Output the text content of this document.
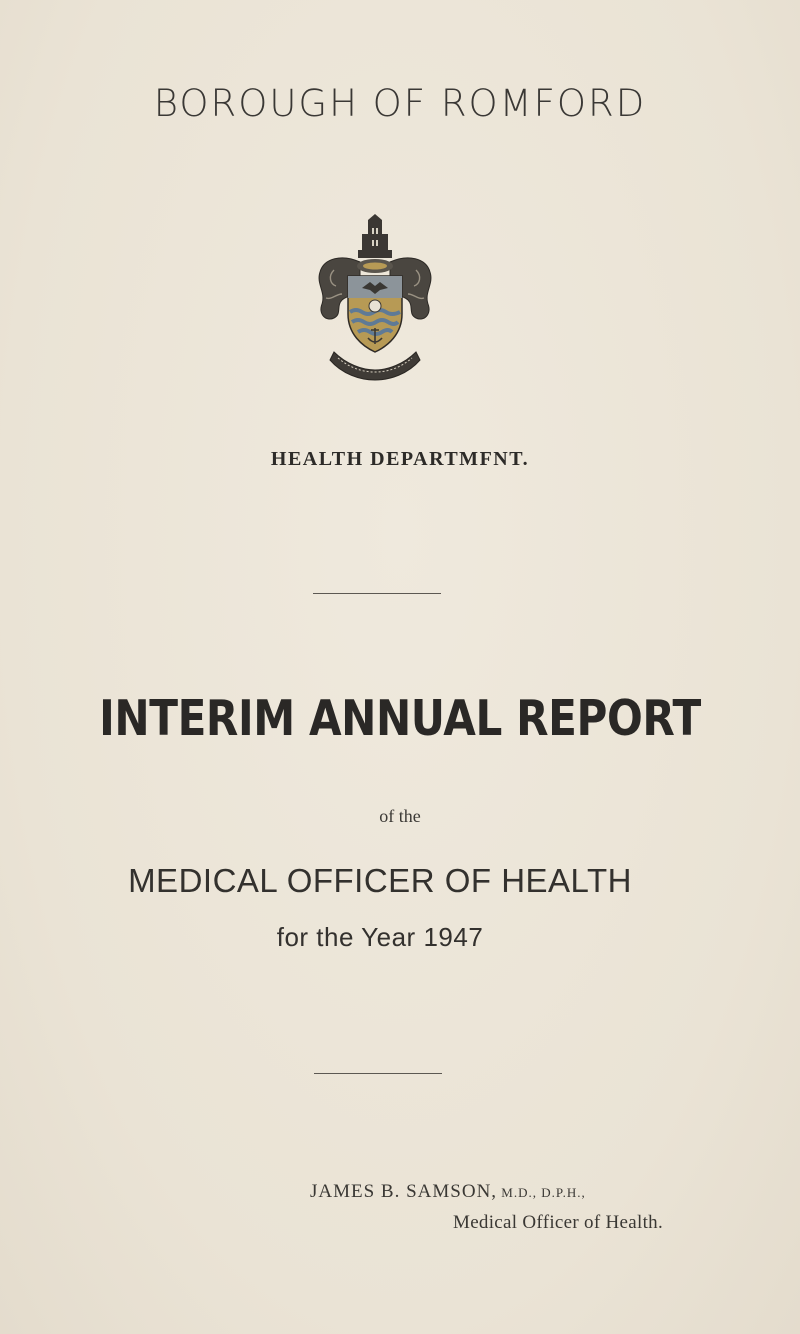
BOROUGH OF ROMFORD
HEALTH DEPARTMFNT.
INTERIM ANNUAL REPORT
of the
MEDICAL OFFICER OF HEALTH
for the Year 1947
JAMES B. SAMSON, M.D., D.P.H.,
Medical Officer of Health.
